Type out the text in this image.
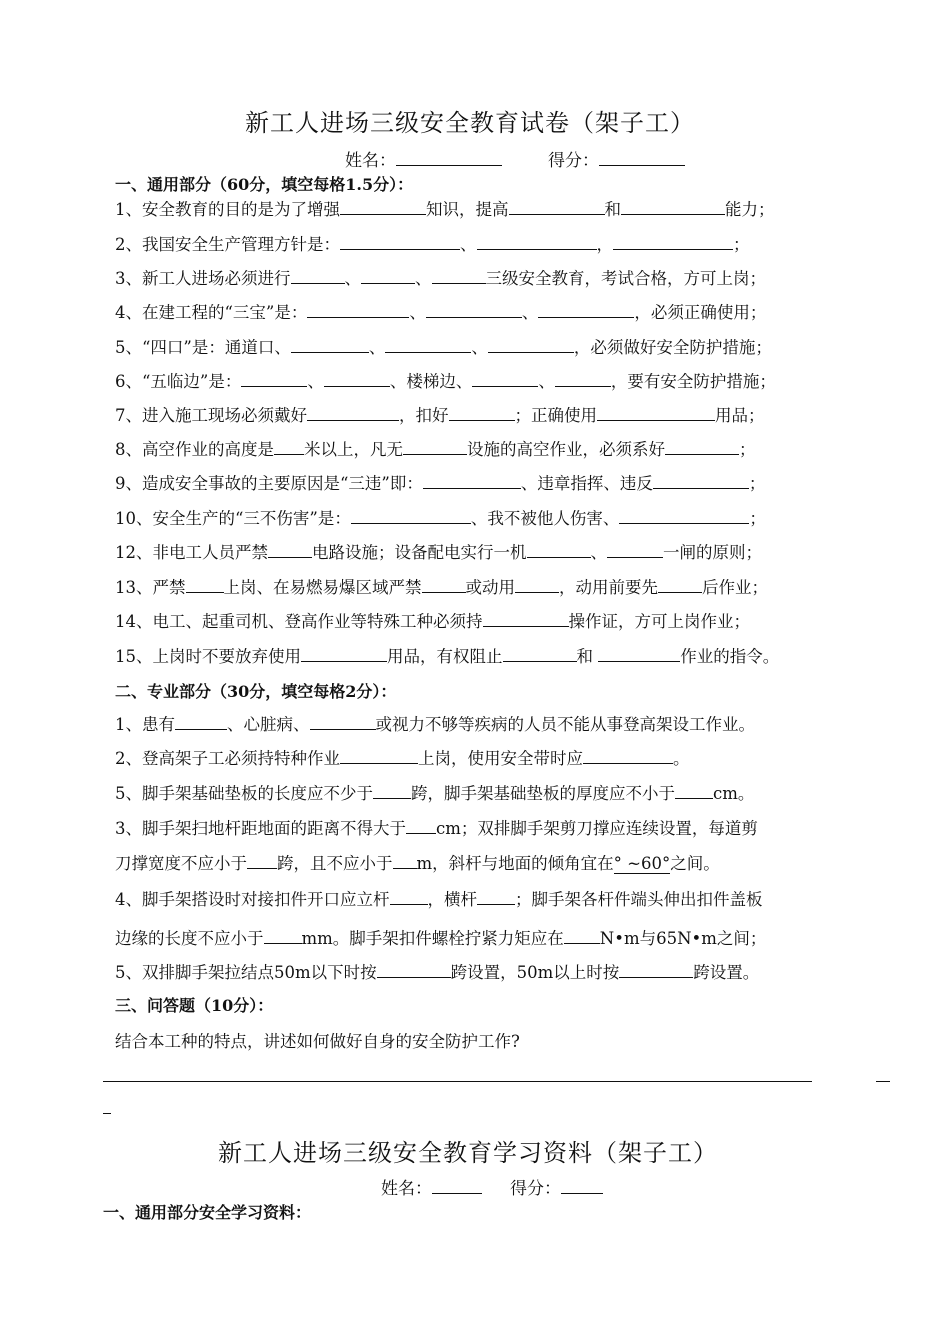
新工人进场三级安全教育试卷（架子工）
姓名：	得分：
一、通用部分（60分，填空每格1.5分）：
1、安全教育的目的是为了增强	知识，提高	和	能力；
2、我国安全生产管理方针是：	、	，	；
3、新工人进场必须进行	、	、	三级安全教育，考试合格，方可上岗；
4、在建工程的“三宝”是：	、	、	，必须正确使用；
5、“四口”是：通道口、	、	、	，必须做好安全防护措施；
6、“五临边”是：	、	、楼梯边、	、	，要有安全防护措施；
7、进入施工现场必须戴好	，扣好	；正确使用	用品；
8、高空作业的高度是 米以上，凡无	设施的高空作业，必须系好	；
9、造成安全事故的主要原因是“三违”即：	、违章指挥、违反	；
10、安全生产的“三不伤害”是：	、我不被他人伤害、	；
12、非电工人员严禁	电路设施；设备配电实行一机	、	一闸的原则；
13、严禁 上岗、在易燃易爆区域严禁	或动用	，动用前要先	后作业；
14、电工、起重司机、登高作业等特殊工种必须持	操作证，方可上岗作业；
15、上岗时不要放弃使用	用品，有权阻止	和	作业的指令。
二、专业部分（30分，填空每格2分）：
1、患有	、心脏病、	或视力不够等疾病的人员不能从事登高架设工作业。
2、登高架子工必须持特种作业	上岗，使用安全带时应	。
5、脚手架基础垫板的长度应不少于 跨，脚手架基础垫板的厚度应不小于 cm。
3、脚手架扫地杆距地面的距离不得大于 cm；双排脚手架剪刀撑应连续设置，每道剪
刀撑宽度不应小于 跨，且不应小于 m，斜杆与地面的倾角宜在° ~60°之间。
4、脚手架搭设时对接扣件开口应立杆 ，横杆 ；脚手架各杆件端头伸出扣件盖板
边缘的长度不应小于 mm。脚手架扣件螺栓拧紧力矩应在 N•m与65N•m之间；
5、双排脚手架拉结点50m以下时按	跨设置，50m以上时按	跨设置。
三、问答题（10分）：
结合本工种的特点，讲述如何做好自身的安全防护工作?
新工人进场三级安全教育学习资料（架子工）
姓名：	得分：
一、通用部分安全学习资料：
